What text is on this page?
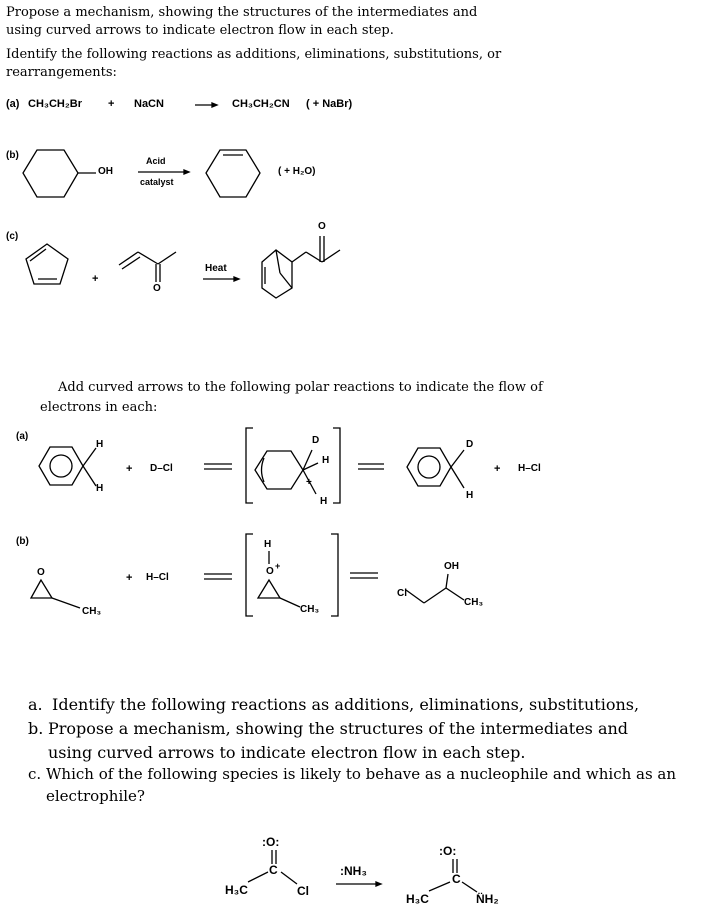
Propose a mechanism, showing the structures of the intermediates and
using curved arrows to indicate electron flow in each step.
Identify the following reactions as additions, eliminations, substitutions, or
rearrangements:
(a) CH₃CH₂Br + NaCN	CH₃CH₂CN ( + NaBr)
(b)
OH
Acid
catalyst
( + H₂O)
(c)
+
Heat
O
O
Add curved arrows to the following polar reactions to indicate the flow of
electrons in each:
(a)
H
H
+ D–Cl
D
H
+
H
D
H
+ H–Cl
(b)
O
CH₃
+ H–Cl
H
O +
CH₃
OH
Cl
CH₃
a. Identify the following reactions as additions, eliminations, substitutions,
b. Propose a mechanism, showing the structures of the intermediates and
using curved arrows to indicate electron flow in each step.
c. Which of the following species is likely to behave as a nucleophile and which as an
electrophile?
:O:
H₃C
C
Cl
:NH₃
:O:
C
H₃C	N̈H₂
